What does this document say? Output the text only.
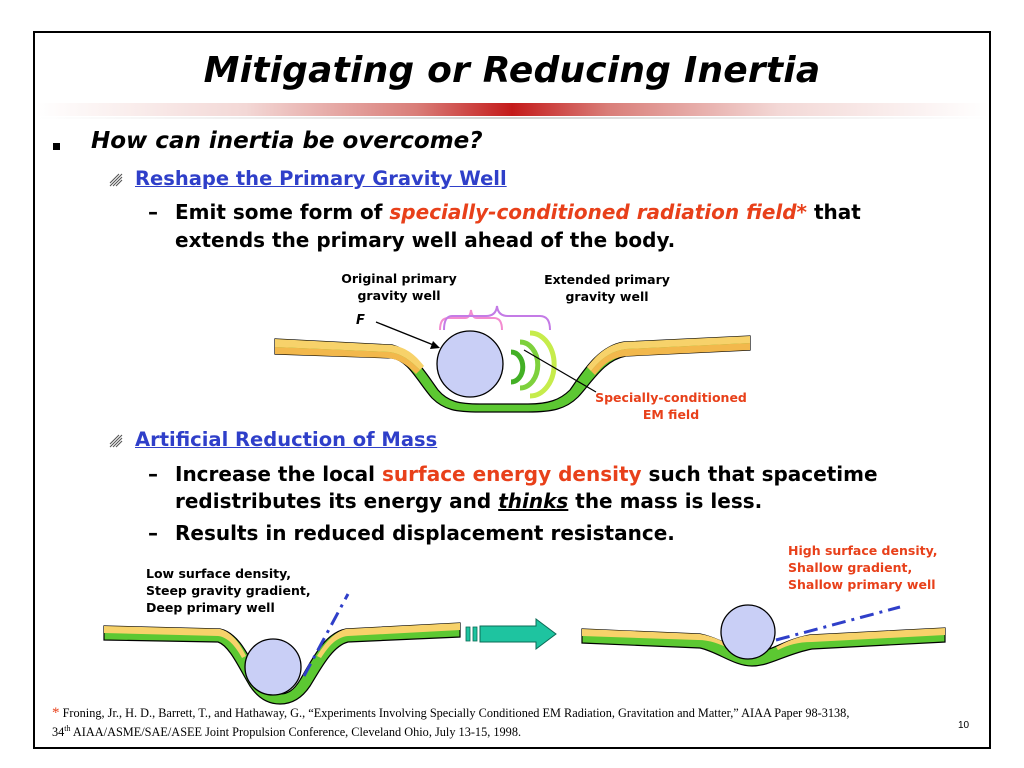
Mitigating or Reducing Inertia
How can inertia be overcome?
Reshape the Primary Gravity Well
– Emit some form of specially-conditioned radiation field* that
extends the primary well ahead of the body.
Original primary
gravity well
Extended primary
gravity well
F
Specially-conditioned
EM field
Artificial Reduction of Mass
– Increase the local surface energy density such that spacetime
redistributes its energy and thinks the mass is less.
– Results in reduced displacement resistance.
Low surface density,
Steep gravity gradient,
Deep primary well
High surface density,
Shallow gradient,
Shallow primary well
* Froning, Jr., H. D., Barrett, T., and Hathaway, G., “Experiments Involving Specially Conditioned EM Radiation, Gravitation and Matter,” AIAA Paper 98-3138,
34th AIAA/ASME/SAE/ASEE Joint Propulsion Conference, Cleveland Ohio, July 13-15, 1998.	10
